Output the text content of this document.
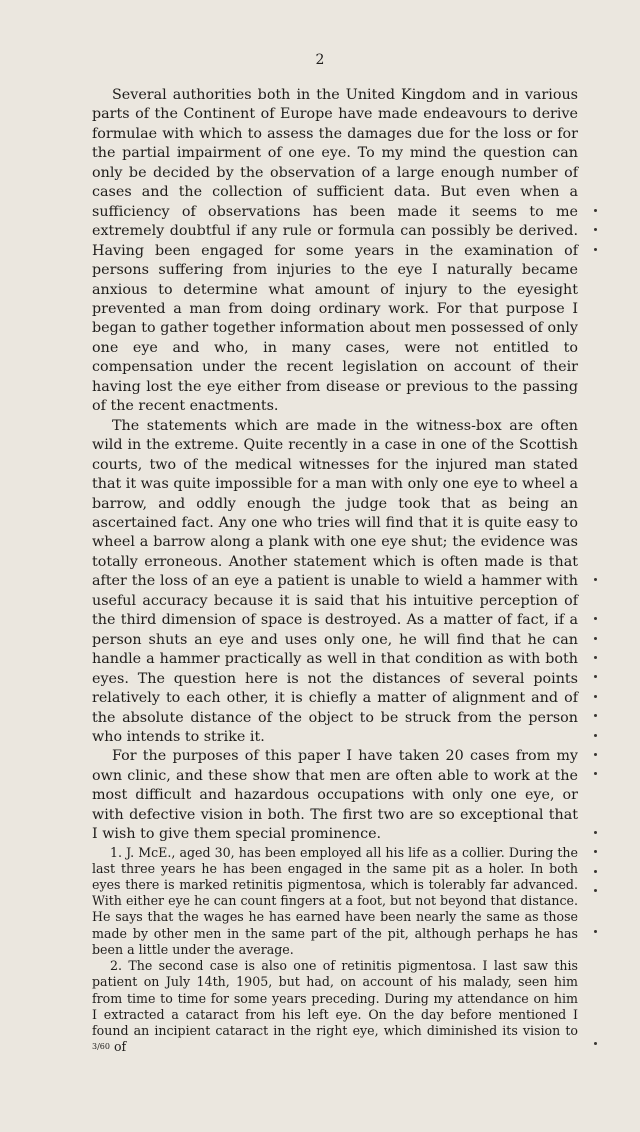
2

Several authorities both in the United Kingdom and in various parts of the Continent of Europe have made endeavours to derive formulae with which to assess the damages due for the loss or for the partial impairment of one eye. To my mind the question can only be decided by the observation of a large enough number of cases and the collection of sufficient data. But even when a sufficiency of observations has been made it seems to me extremely doubtful if any rule or formula can possibly be derived. Having been engaged for some years in the examination of persons suffering from injuries to the eye I naturally became anxious to determine what amount of injury to the eyesight prevented a man from doing ordinary work. For that purpose I began to gather together information about men possessed of only one eye and who, in many cases, were not entitled to compensation under the recent legislation on account of their having lost the eye either from disease or previous to the passing of the recent enactments.

The statements which are made in the witness-box are often wild in the extreme. Quite recently in a case in one of the Scottish courts, two of the medical witnesses for the injured man stated that it was quite impossible for a man with only one eye to wheel a barrow, and oddly enough the judge took that as being an ascertained fact. Any one who tries will find that it is quite easy to wheel a barrow along a plank with one eye shut; the evidence was totally erroneous. Another statement which is often made is that after the loss of an eye a patient is unable to wield a hammer with useful accuracy because it is said that his intuitive perception of the third dimension of space is destroyed. As a matter of fact, if a person shuts an eye and uses only one, he will find that he can handle a hammer practically as well in that condition as with both eyes. The question here is not the distances of several points relatively to each other, it is chiefly a matter of alignment and of the absolute distance of the object to be struck from the person who intends to strike it.

For the purposes of this paper I have taken 20 cases from my own clinic, and these show that men are often able to work at the most difficult and hazardous occupations with only one eye, or with defective vision in both. The first two are so exceptional that I wish to give them special prominence.

1. J. McE., aged 30, has been employed all his life as a collier. During the last three years he has been engaged in the same pit as a holer. In both eyes there is marked retinitis pigmentosa, which is tolerably far advanced. With either eye he can count fingers at a foot, but not beyond that distance. He says that the wages he has earned have been nearly the same as those made by other men in the same part of the pit, although perhaps he has been a little under the average.

2. The second case is also one of retinitis pigmentosa. I last saw this patient on July 14th, 1905, but had, on account of his malady, seen him from time to time for some years preceding. During my attendance on him I extracted a cataract from his left eye. On the day before mentioned I found an incipient cataract in the right eye, which diminished its vision to 3/60 of
